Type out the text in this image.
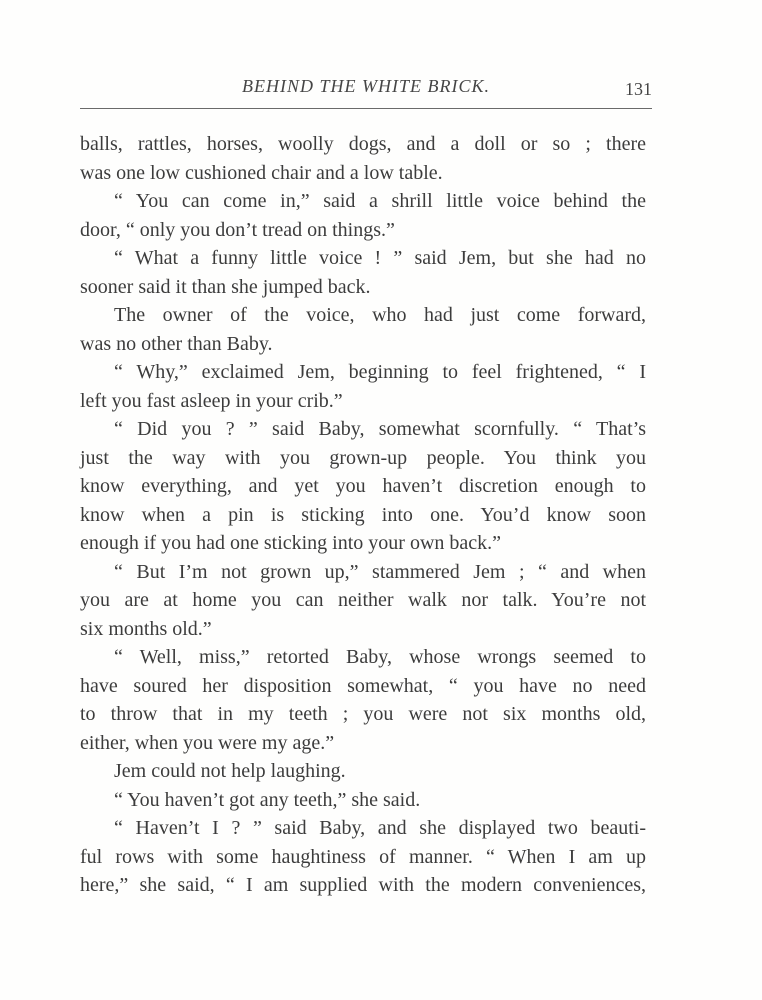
BEHIND THE WHITE BRICK.	131
balls, rattles, horses, woolly dogs, and a doll or so ; there
was one low cushioned chair and a low table.
“ You can come in,” said a shrill little voice behind the
door, “ only you don’t tread on things.”
“ What a funny little voice ! ” said Jem, but she had no
sooner said it than she jumped back.
The owner of the voice, who had just come forward,
was no other than Baby.
“ Why,” exclaimed Jem, beginning to feel frightened, “ I
left you fast asleep in your crib.”
“ Did you ? ” said Baby, somewhat scornfully. “ That’s
just the way with you grown-up people. You think you
know everything, and yet you haven’t discretion enough to
know when a pin is sticking into one. You’d know soon
enough if you had one sticking into your own back.”
“ But I’m not grown up,” stammered Jem ; “ and when
you are at home you can neither walk nor talk. You’re not
six months old.”
“ Well, miss,” retorted Baby, whose wrongs seemed to
have soured her disposition somewhat, “ you have no need
to throw that in my teeth ; you were not six months old,
either, when you were my age.”
Jem could not help laughing.
“ You haven’t got any teeth,” she said.
“ Haven’t I ? ” said Baby, and she displayed two beauti-
ful rows with some haughtiness of manner. “ When I am up
here,” she said, “ I am supplied with the modern conveniences,
